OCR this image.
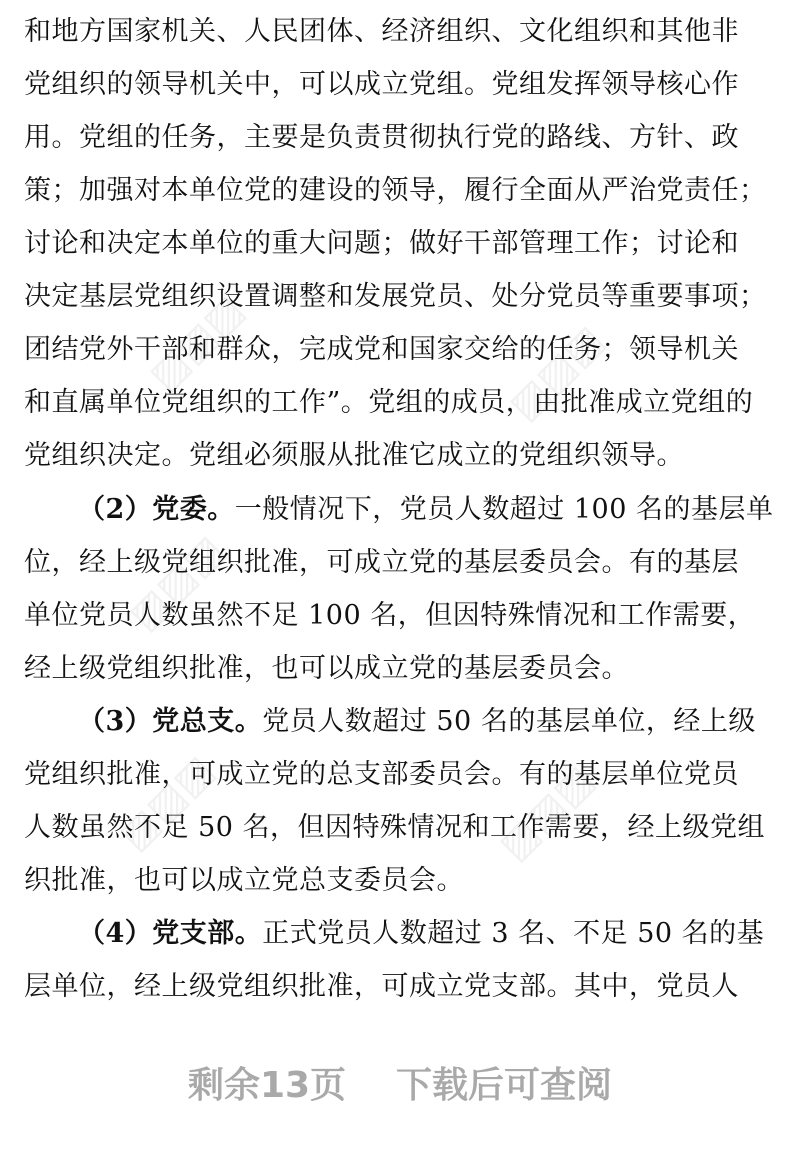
▨▨▨	▨▨▨
▨▨▨
▨▨▨	▨▨▨
和地方国家机关、人民团体、经济组织、文化组织和其他非
党组织的领导机关中，可以成立党组。党组发挥领导核心作
用。党组的任务，主要是负责贯彻执行党的路线、方针、政
策；加强对本单位党的建设的领导，履行全面从严治党责任；
讨论和决定本单位的重大问题；做好干部管理工作；讨论和
决定基层党组织设置调整和发展党员、处分党员等重要事项；
团结党外干部和群众，完成党和国家交给的任务；领导机关
和直属单位党组织的工作”。党组的成员，由批准成立党组的
党组织决定。党组必须服从批准它成立的党组织领导。
（2）党委。一般情况下，党员人数超过 100 名的基层单
位，经上级党组织批准，可成立党的基层委员会。有的基层
单位党员人数虽然不足 100 名，但因特殊情况和工作需要，
经上级党组织批准，也可以成立党的基层委员会。
（3）党总支。党员人数超过 50 名的基层单位，经上级
党组织批准，可成立党的总支部委员会。有的基层单位党员
人数虽然不足 50 名，但因特殊情况和工作需要，经上级党组
织批准，也可以成立党总支委员会。
（4）党支部。正式党员人数超过 3 名、不足 50 名的基
层单位，经上级党组织批准，可成立党支部。其中，党员人
剩余13页 下载后可查阅
